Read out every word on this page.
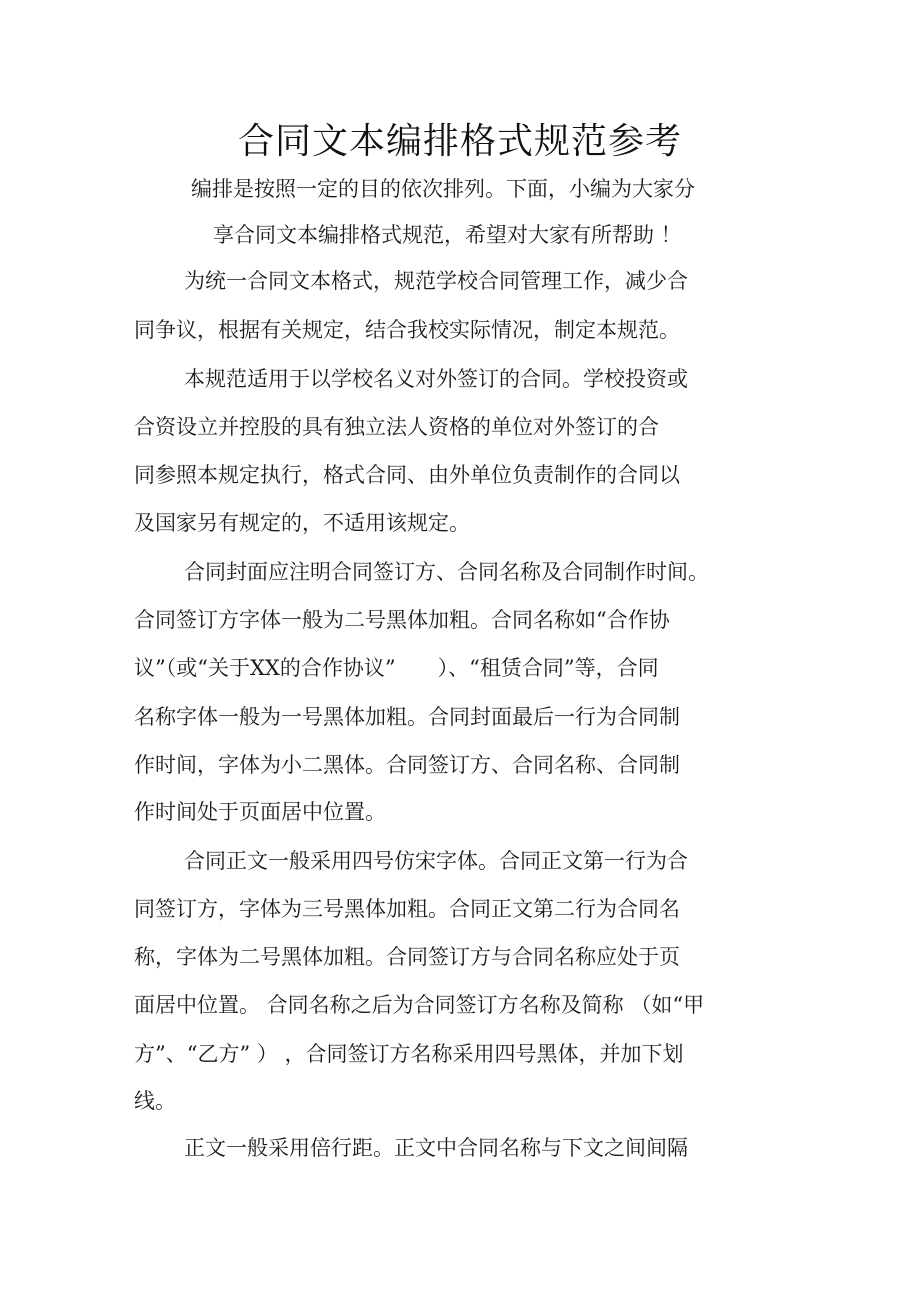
合同文本编排格式规范参考
编排是按照一定的目的依次排列。下面，小编为大家分
享合同文本编排格式规范，希望对大家有所帮助 ！
为统一合同文本格式，规范学校合同管理工作，减少合
同争议，根据有关规定，结合我校实际情况，制定本规范。
本规范适用于以学校名义对外签订的合同。学校投资或
合资设立并控股的具有独立法人资格的单位对外签订的合
同参照本规定执行，格式合同、由外单位负责制作的合同以
及国家另有规定的，不适用该规定。
合同封面应注明合同签订方、合同名称及合同制作时间。
合同签订方字体一般为二号黑体加粗。合同名称如“合作协
议”（或“关于XX的合作协议”　　）、“租赁合同”等，合同
名称字体一般为一号黑体加粗。合同封面最后一行为合同制
作时间，字体为小二黑体。合同签订方、合同名称、合同制
作时间处于页面居中位置。
合同正文一般采用四号仿宋字体。合同正文第一行为合
同签订方，字体为三号黑体加粗。合同正文第二行为合同名
称，字体为二号黑体加粗。合同签订方与合同名称应处于页
面居中位置。 合同名称之后为合同签订方名称及简称 （如“甲
方”、“乙方” ） ，合同签订方名称采用四号黑体，并加下划
线。
正文一般采用倍行距。正文中合同名称与下文之间间隔
